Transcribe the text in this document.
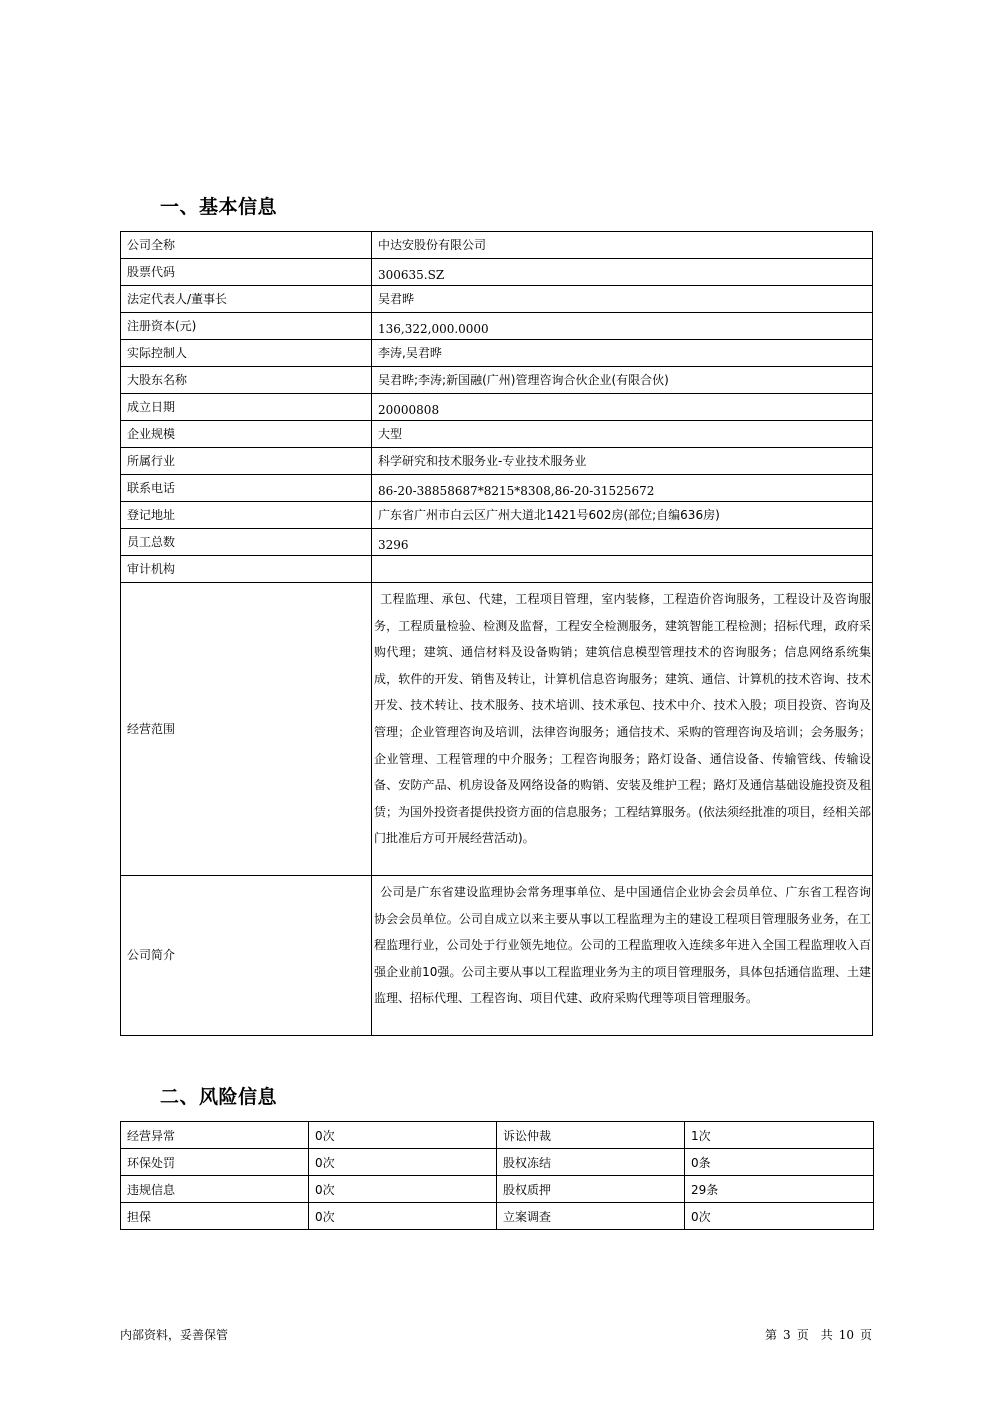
一、基本信息
公司全称	中达安股份有限公司
股票代码	300635.SZ
法定代表人/董事长	吴君晔
注册资本(元)	136,322,000.0000
实际控制人	李涛,吴君晔
大股东名称	吴君晔;李涛;新国融(广州)管理咨询合伙企业(有限合伙)
成立日期	20000808
企业规模	大型
所属行业	科学研究和技术服务业-专业技术服务业
联系电话	86-20-38858687*8215*8308,86-20-31525672
登记地址	广东省广州市白云区广州大道北1421号602房(部位;自编636房)
员工总数	3296
审计机构	
经营范围	工程监理、承包、代建，工程项目管理，室内装修，工程造价咨询服务，工程设计及咨询服务，工程质量检验、检测及监督，工程安全检测服务，建筑智能工程检测；招标代理，政府采购代理；建筑、通信材料及设备购销；建筑信息模型管理技术的咨询服务；信息网络系统集成，软件的开发、销售及转让，计算机信息咨询服务；建筑、通信、计算机的技术咨询、技术开发、技术转让、技术服务、技术培训、技术承包、技术中介、技术入股；项目投资、咨询及管理；企业管理咨询及培训，法律咨询服务；通信技术、采购的管理咨询及培训；会务服务；企业管理、工程管理的中介服务；工程咨询服务；路灯设备、通信设备、传输管线、传输设备、安防产品、机房设备及网络设备的购销、安装及维护工程；路灯及通信基础设施投资及租赁；为国外投资者提供投资方面的信息服务；工程结算服务。(依法须经批准的项目，经相关部门批准后方可开展经营活动)。
公司简介	公司是广东省建设监理协会常务理事单位、是中国通信企业协会会员单位、广东省工程咨询协会会员单位。公司自成立以来主要从事以工程监理为主的建设工程项目管理服务业务，在工程监理行业，公司处于行业领先地位。公司的工程监理收入连续多年进入全国工程监理收入百强企业前10强。公司主要从事以工程监理业务为主的项目管理服务，具体包括通信监理、土建监理、招标代理、工程咨询、项目代建、政府采购代理等项目管理服务。
二、风险信息
经营异常	0次	诉讼仲裁	1次
环保处罚	0次	股权冻结	0条
违规信息	0次	股权质押	29条
担保	0次	立案调查	0次
内部资料，妥善保管	第 3 页　共 10 页
